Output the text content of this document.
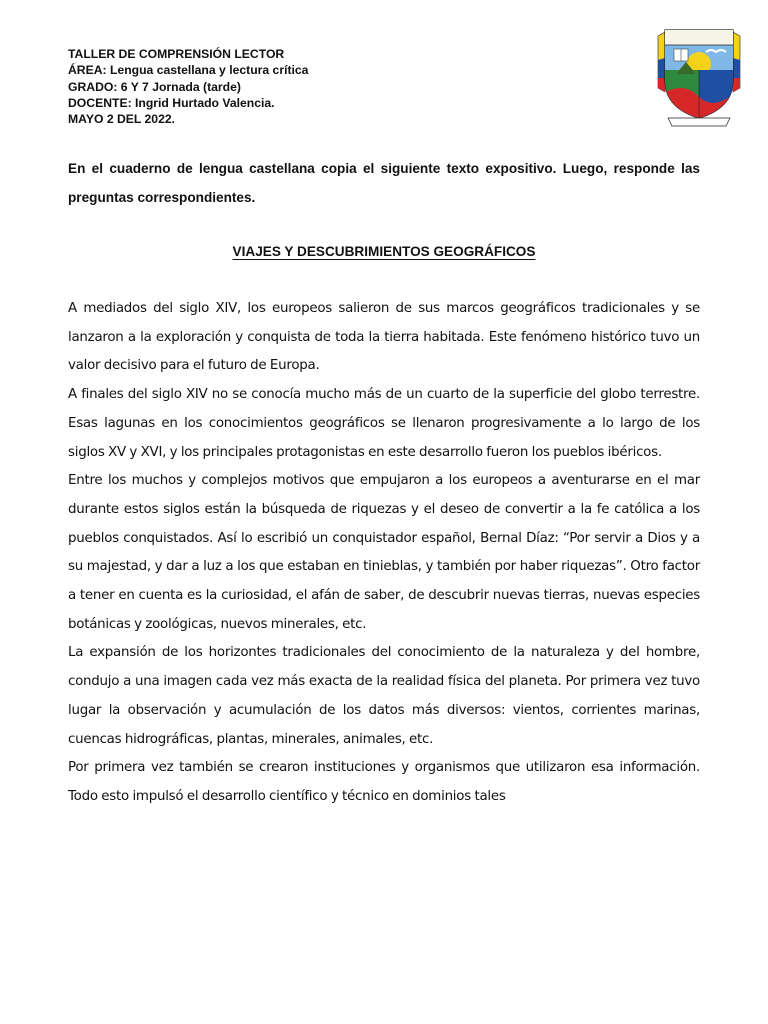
TALLER DE COMPRENSIÓN LECTOR
ÁREA: Lengua castellana y lectura crítica
GRADO: 6 Y 7 Jornada (tarde)
DOCENTE: Ingrid Hurtado Valencia.
MAYO 2 DEL 2022.
En el cuaderno de lengua castellana copia el siguiente texto expositivo. Luego, responde las preguntas correspondientes.
VIAJES Y DESCUBRIMIENTOS GEOGRÁFICOS

A mediados del siglo XIV, los europeos salieron de sus marcos geográficos tradicionales y se lanzaron a la exploración y conquista de toda la tierra habitada. Este fenómeno histórico tuvo un valor decisivo para el futuro de Europa.

A finales del siglo XIV no se conocía mucho más de un cuarto de la superficie del globo terrestre. Esas lagunas en los conocimientos geográficos se llenaron progresivamente a lo largo de los siglos XV y XVI, y los principales protagonistas en este desarrollo fueron los pueblos ibéricos.

Entre los muchos y complejos motivos que empujaron a los europeos a aventurarse en el mar durante estos siglos están la búsqueda de riquezas y el deseo de convertir a la fe católica a los pueblos conquistados. Así lo escribió un conquistador español, Bernal Díaz: “Por servir a Dios y a su majestad, y dar a luz a los que estaban en tinieblas, y también por haber riquezas”. Otro factor a tener en cuenta es la curiosidad, el afán de saber, de descubrir nuevas tierras, nuevas especies botánicas y zoológicas, nuevos minerales, etc.

La expansión de los horizontes tradicionales del conocimiento de la naturaleza y del hombre, condujo a una imagen cada vez más exacta de la realidad física del planeta. Por primera vez tuvo lugar la observación y acumulación de los datos más diversos: vientos, corrientes marinas, cuencas hidrográficas, plantas, minerales, animales, etc.

Por primera vez también se crearon instituciones y organismos que utilizaron esa información. Todo esto impulsó el desarrollo científico y técnico en dominios tales
